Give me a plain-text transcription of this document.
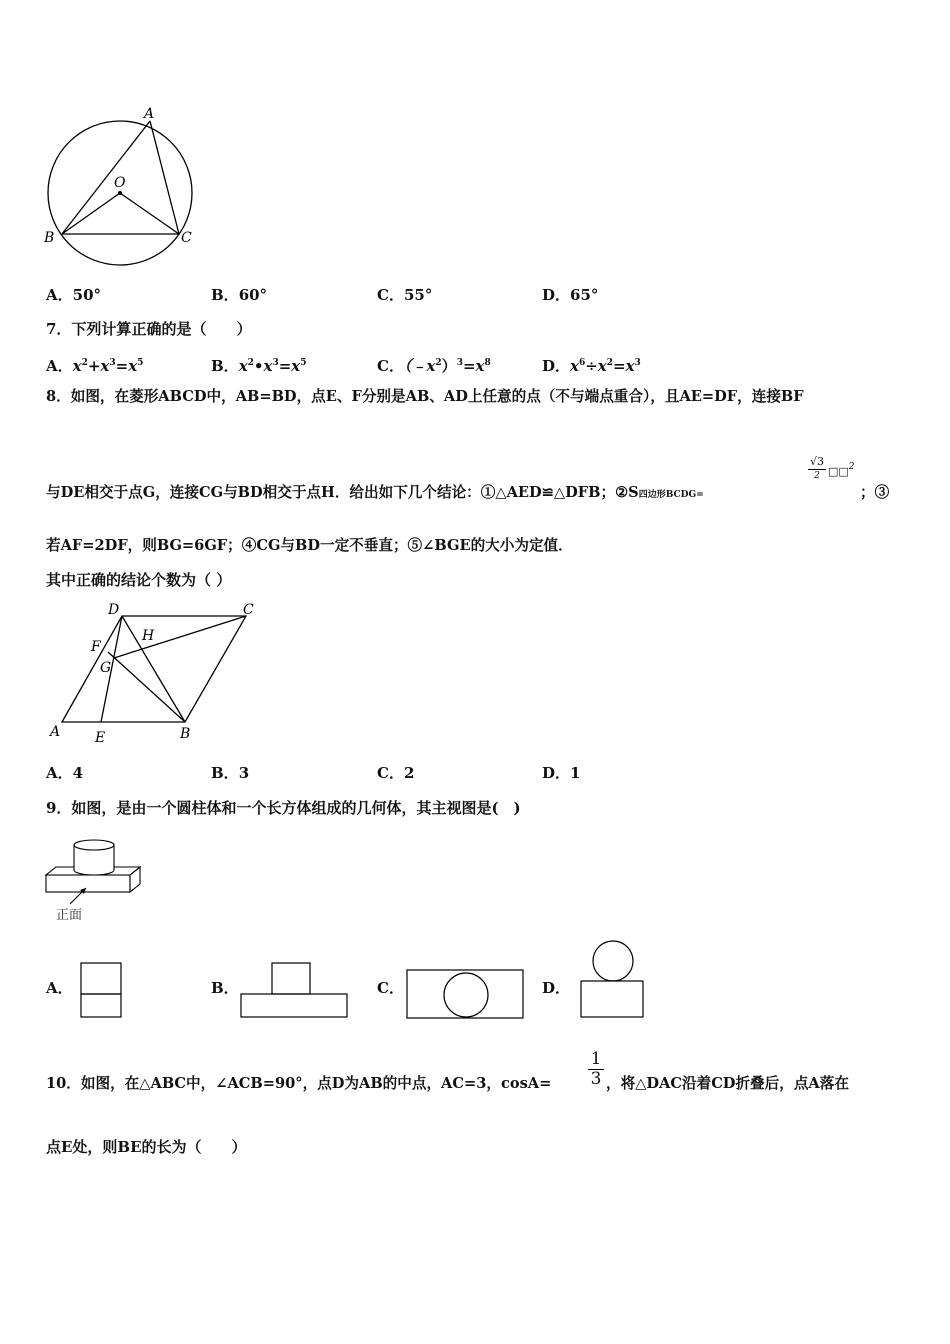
A
O
B	C
A．50°	B．60°	C．55°	D．65°
7．下列计算正确的是（　　）
A．$x^2+x^3=x^5$	B．$x^2•x^3=x^5$	C．$(﹣x^2)^3=x^8$	D．$x^6\div x^2=x^3$
8．如图，在菱形ABCD中，AB=BD，点E、F分别是AB、AD上任意的点（不与端点重合），且AE=DF，连接BF
与DE相交于点G，连接CG与BD相交于点H．给出如下几个结论：①△AED≌△DFB；②S四边形BCDG=
√3
2 □□$^2$
；③
若AF=2DF，则BG=6GF；④CG与BD一定不垂直；⑤∠BGE的大小为定值．
其中正确的结论个数为（ ）
D	C
H
F
G
A E	B
A．4	B．3	C．2	D．1
9．如图，是由一个圆柱体和一个长方体组成的几何体，其主视图是(　)
正面
A．	B．	C．	D．
10．如图，在△ABC中，∠ACB=90°，点D为AB的中点，AC=3，cosA=
1
3 ，将△DAC沿着CD折叠后，点A落在
点E处，则BE的长为（　　）
